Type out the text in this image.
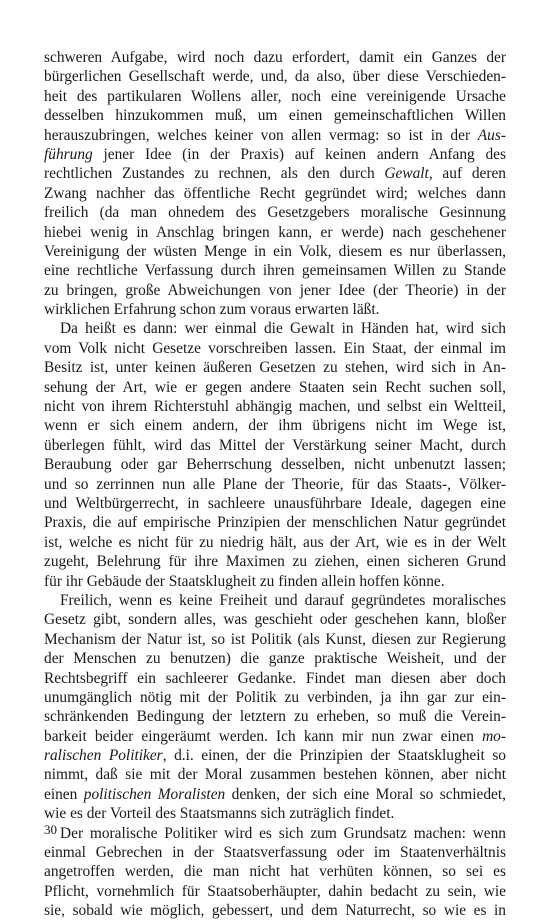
schweren Aufgabe, wird noch dazu erfordert, damit ein Ganzes der
bürgerlichen Gesellschaft werde, und, da also, über diese Verschieden-
heit des partikularen Wollens aller, noch eine vereinigende Ursache
desselben hinzukommen muß, um einen gemeinschaftlichen Willen
herauszubringen, welches keiner von allen vermag: so ist in der Aus-
führung jener Idee (in der Praxis) auf keinen andern Anfang des
rechtlichen Zustandes zu rechnen, als den durch Gewalt, auf deren
Zwang nachher das öffentliche Recht gegründet wird; welches dann
freilich (da man ohnedem des Gesetzgebers moralische Gesinnung
hiebei wenig in Anschlag bringen kann, er werde) nach geschehener
Vereinigung der wüsten Menge in ein Volk, diesem es nur überlassen,
eine rechtliche Verfassung durch ihren gemeinsamen Willen zu Stande
zu bringen, große Abweichungen von jener Idee (der Theorie) in der
wirklichen Erfahrung schon zum voraus erwarten läßt.
Da heißt es dann: wer einmal die Gewalt in Händen hat, wird sich
vom Volk nicht Gesetze vorschreiben lassen. Ein Staat, der einmal im
Besitz ist, unter keinen äußeren Gesetzen zu stehen, wird sich in An-
sehung der Art, wie er gegen andere Staaten sein Recht suchen soll,
nicht von ihrem Richterstuhl abhängig machen, und selbst ein Weltteil,
wenn er sich einem andern, der ihm übrigens nicht im Wege ist,
überlegen fühlt, wird das Mittel der Verstärkung seiner Macht, durch
Beraubung oder gar Beherrschung desselben, nicht unbenutzt lassen;
und so zerrinnen nun alle Plane der Theorie, für das Staats-, Völker-
und Weltbürgerrecht, in sachleere unausführbare Ideale, dagegen eine
Praxis, die auf empirische Prinzipien der menschlichen Natur gegründet
ist, welche es nicht für zu niedrig hält, aus der Art, wie es in der Welt
zugeht, Belehrung für ihre Maximen zu ziehen, einen sicheren Grund
für ihr Gebäude der Staatsklugheit zu finden allein hoffen könne.
Freilich, wenn es keine Freiheit und darauf gegründetes moralisches
Gesetz gibt, sondern alles, was geschieht oder geschehen kann, bloßer
Mechanism der Natur ist, so ist Politik (als Kunst, diesen zur Regierung
der Menschen zu benutzen) die ganze praktische Weisheit, und der
Rechtsbegriff ein sachleerer Gedanke. Findet man diesen aber doch
unumgänglich nötig mit der Politik zu verbinden, ja ihn gar zur ein-
schränkenden Bedingung der letztern zu erheben, so muß die Verein-
barkeit beider eingeräumt werden. Ich kann mir nun zwar einen mo-
ralischen Politiker, d.i. einen, der die Prinzipien der Staatsklugheit so
nimmt, daß sie mit der Moral zusammen bestehen können, aber nicht
einen politischen Moralisten denken, der sich eine Moral so schmiedet,
wie es der Vorteil des Staatsmanns sich zuträglich findet.
Der moralische Politiker wird es sich zum Grundsatz machen: wenn
einmal Gebrechen in der Staatsverfassung oder im Staatenverhältnis
angetroffen werden, die man nicht hat verhüten können, so sei es
Pflicht, vornehmlich für Staatsoberhäupter, dahin bedacht zu sein, wie
sie, sobald wie möglich, gebessert, und dem Naturrecht, so wie es in
30
